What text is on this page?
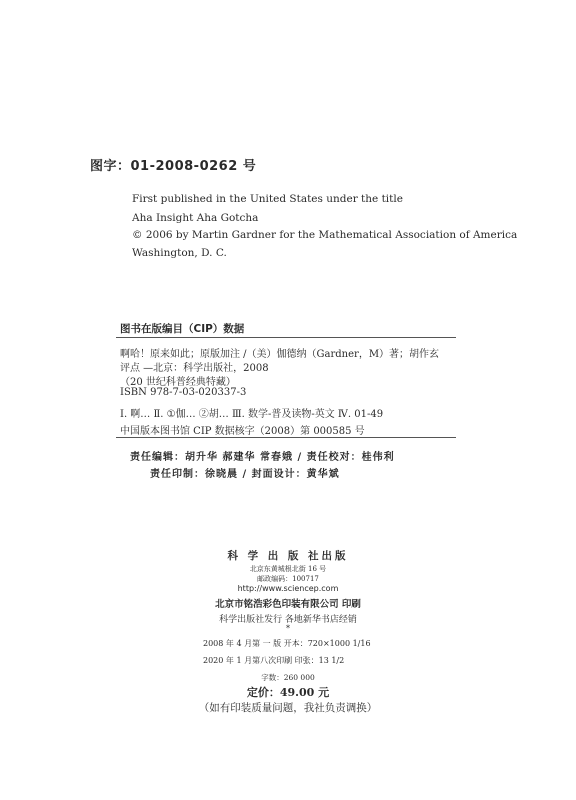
图字：01-2008-0262 号
First published in the United States under the title
Aha Insight Aha Gotcha
© 2006 by Martin Gardner for the Mathematical Association of America
Washington, D. C.
图书在版编目（CIP）数据
啊哈！原来如此；原版加注 /（美）伽德纳（Gardner，M）著；胡作玄
评点 —北京：科学出版社，2008
（20 世纪科普经典特藏）
ISBN 978-7-03-020337-3
Ⅰ. 啊… Ⅱ. ①伽… ②胡… Ⅲ. 数学-普及读物-英文 Ⅳ. 01-49
中国版本图书馆 CIP 数据核字（2008）第 000585 号
责任编辑：胡升华 郝建华 常春娥 / 责任校对：桂伟利
责任印制：徐晓晨 / 封面设计：黄华斌
科 学 出 版 社出版
北京东黄城根北街 16 号
邮政编码：100717
http://www.sciencep.com
北京市铭浩彩色印装有限公司 印刷
科学出版社发行 各地新华书店经销
*
2008 年 4 月第 一 版 开本：720×1000 1/16
2020 年 1 月第八次印刷 印张：13 1/2
字数：260 000
定价：49.00 元
（如有印装质量问题，我社负责调换）
